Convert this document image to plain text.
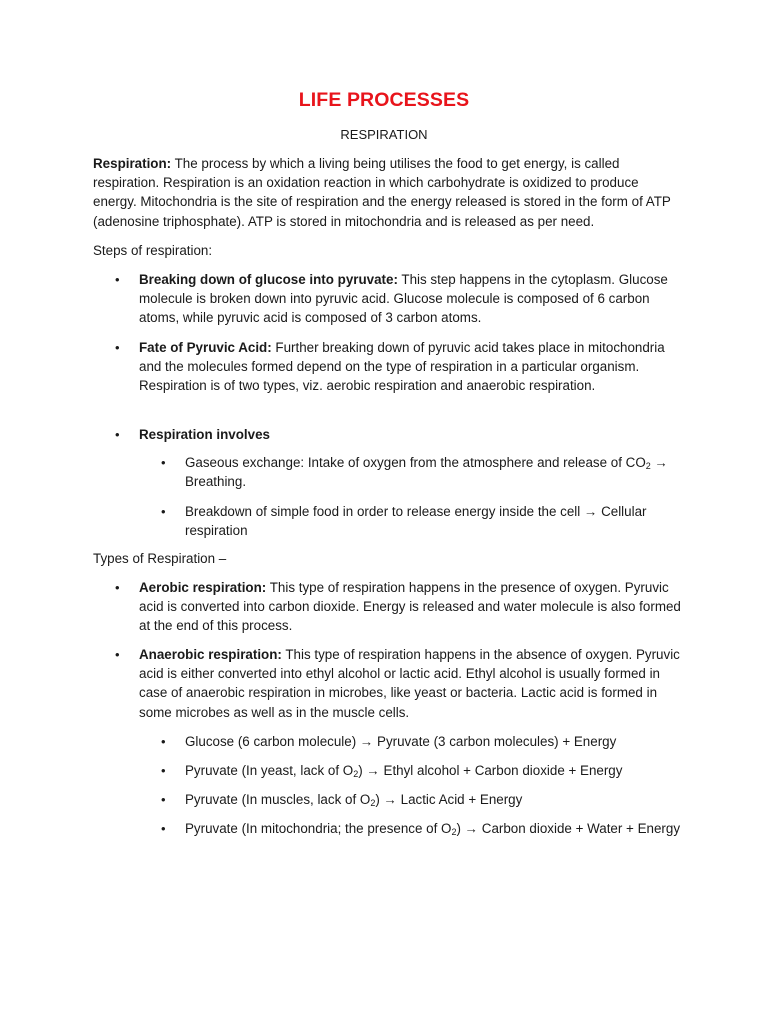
LIFE PROCESSES
RESPIRATION
Respiration: The process by which a living being utilises the food to get energy, is called respiration. Respiration is an oxidation reaction in which carbohydrate is oxidized to produce energy. Mitochondria is the site of respiration and the energy released is stored in the form of ATP (adenosine triphosphate). ATP is stored in mitochondria and is released as per need.
Steps of respiration:
• Breaking down of glucose into pyruvate: This step happens in the cytoplasm. Glucose molecule is broken down into pyruvic acid. Glucose molecule is composed of 6 carbon atoms, while pyruvic acid is composed of 3 carbon atoms.
• Fate of Pyruvic Acid: Further breaking down of pyruvic acid takes place in mitochondria and the molecules formed depend on the type of respiration in a particular organism. Respiration is of two types, viz. aerobic respiration and anaerobic respiration.
• Respiration involves
• Gaseous exchange: Intake of oxygen from the atmosphere and release of $CO_2$ → Breathing.
• Breakdown of simple food in order to release energy inside the cell → Cellular respiration
Types of Respiration –
• Aerobic respiration: This type of respiration happens in the presence of oxygen. Pyruvic acid is converted into carbon dioxide. Energy is released and water molecule is also formed at the end of this process.
• Anaerobic respiration: This type of respiration happens in the absence of oxygen. Pyruvic acid is either converted into ethyl alcohol or lactic acid. Ethyl alcohol is usually formed in case of anaerobic respiration in microbes, like yeast or bacteria. Lactic acid is formed in some microbes as well as in the muscle cells.
• Glucose (6 carbon molecule) → Pyruvate (3 carbon molecules) + Energy
• Pyruvate (In yeast, lack of $O_2$) → Ethyl alcohol + Carbon dioxide + Energy
• Pyruvate (In muscles, lack of $O_2$) → Lactic Acid + Energy
• Pyruvate (In mitochondria; the presence of $O_2$) → Carbon dioxide + Water + Energy
